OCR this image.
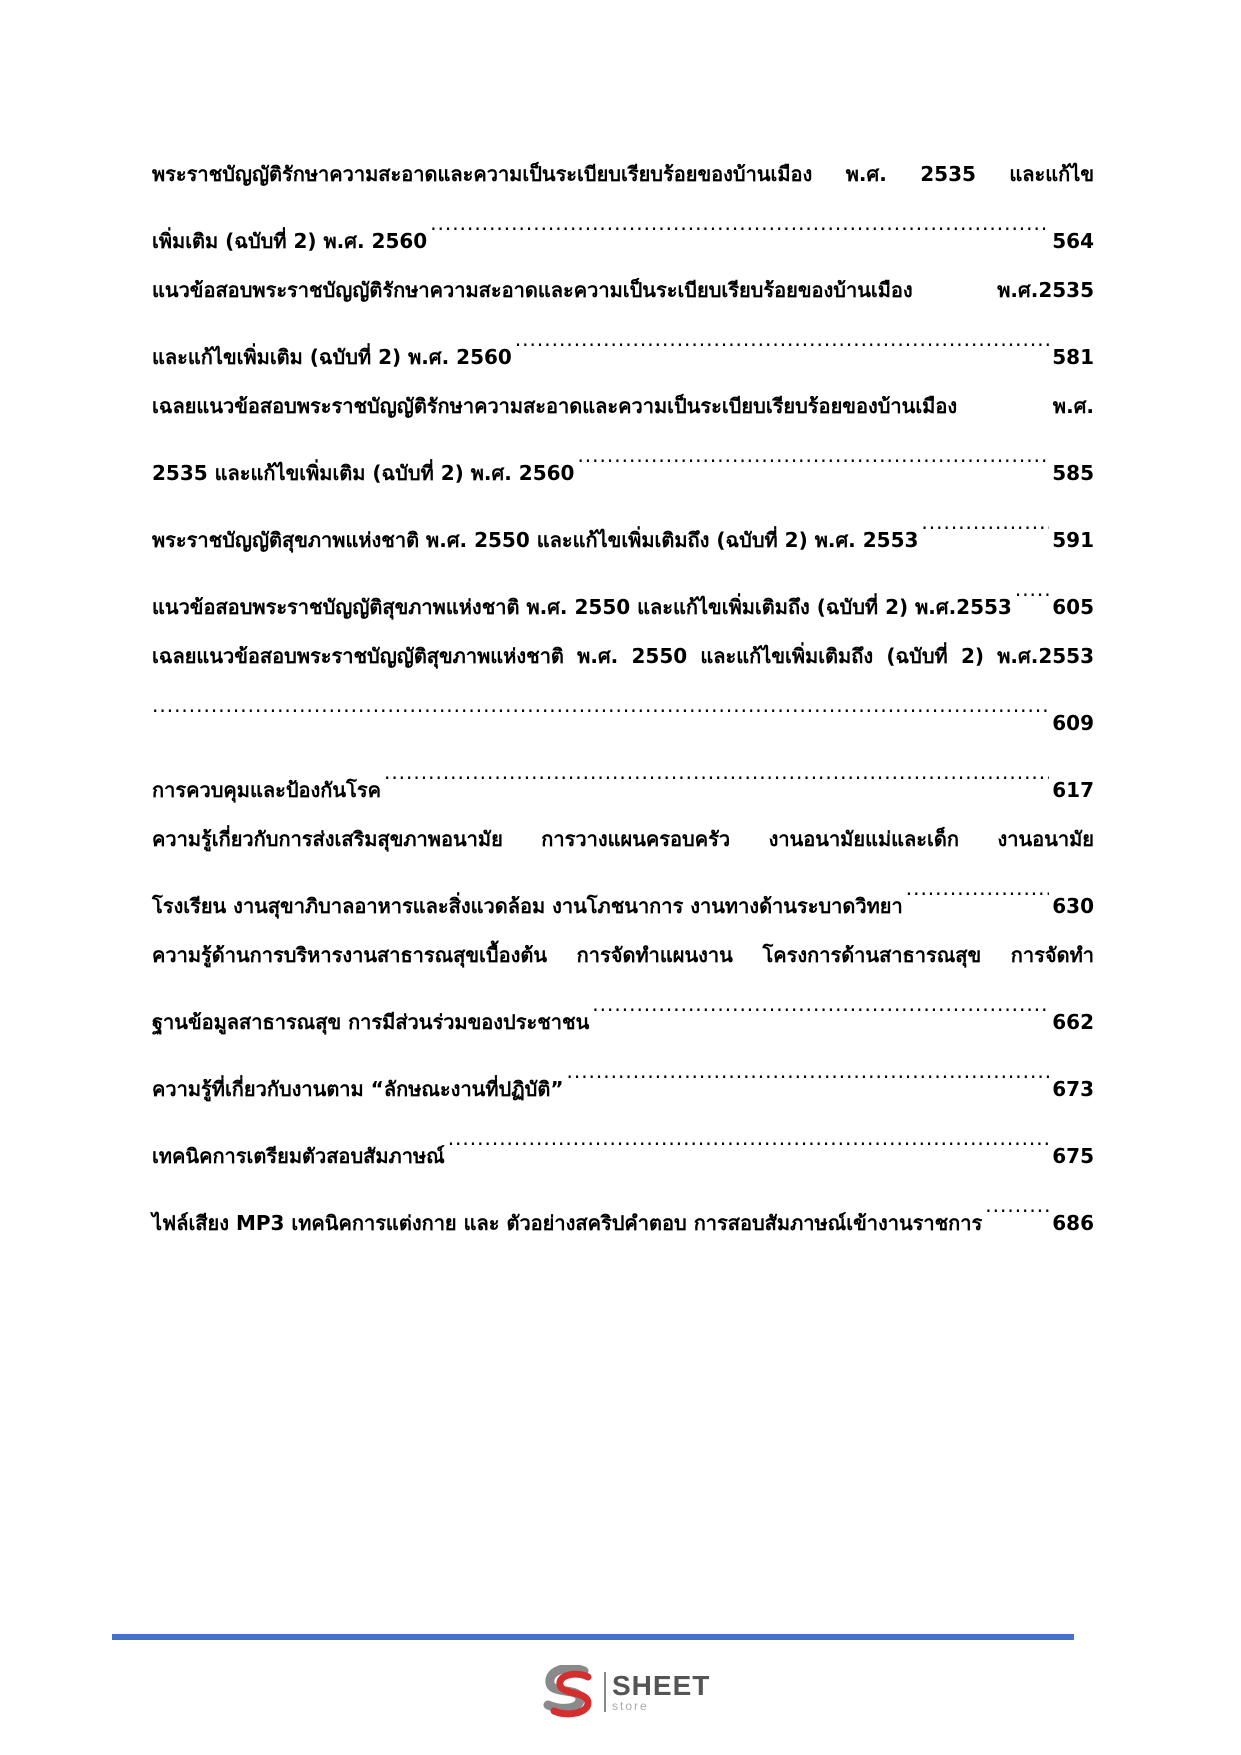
พระราชบัญญัติรักษาความสะอาดและความเป็นระเบียบเรียบร้อยของบ้านเมือง พ.ศ. 2535 และแก้ไข
เพิ่มเติม (ฉบับที่ 2) พ.ศ. 2560 .....	564
แนวข้อสอบพระราชบัญญัติรักษาความสะอาดและความเป็นระเบียบเรียบร้อยของบ้านเมือง พ.ศ.2535
และแก้ไขเพิ่มเติม (ฉบับที่ 2) พ.ศ. 2560 .....	581
เฉลยแนวข้อสอบพระราชบัญญัติรักษาความสะอาดและความเป็นระเบียบเรียบร้อยของบ้านเมือง พ.ศ.
2535 และแก้ไขเพิ่มเติม (ฉบับที่ 2) พ.ศ. 2560 .....	585
พระราชบัญญัติสุขภาพแห่งชาติ พ.ศ. 2550 และแก้ไขเพิ่มเติมถึง (ฉบับที่ 2) พ.ศ. 2553 .....	591
แนวข้อสอบพระราชบัญญัติสุขภาพแห่งชาติ พ.ศ. 2550 และแก้ไขเพิ่มเติมถึง (ฉบับที่ 2) พ.ศ.2553 ..... 605
เฉลยแนวข้อสอบพระราชบัญญัติสุขภาพแห่งชาติ พ.ศ. 2550 และแก้ไขเพิ่มเติมถึง (ฉบับที่ 2) พ.ศ.2553
.....
609
การควบคุมและป้องกันโรค .....	617
ความรู้เกี่ยวกับการส่งเสริมสุขภาพอนามัย การวางแผนครอบครัว งานอนามัยแม่และเด็ก งานอนามัย
โรงเรียน งานสุขาภิบาลอาหารและสิ่งแวดล้อม งานโภชนาการ งานทางด้านระบาดวิทยา .....	630
ความรู้ด้านการบริหารงานสาธารณสุขเบื้องต้น การจัดทำแผนงาน โครงการด้านสาธารณสุข การจัดทำ
ฐานข้อมูลสาธารณสุข การมีส่วนร่วมของประชาชน .....	662
ความรู้ที่เกี่ยวกับงานตาม “ลักษณะงานที่ปฏิบัติ” .....	673
เทคนิคการเตรียมตัวสอบสัมภาษณ์ .....	675
ไฟล์เสียง MP3 เทคนิคการแต่งกาย และ ตัวอย่างสคริปคำตอบ การสอบสัมภาษณ์เข้างานราชการ .....	686
SHEET
store
